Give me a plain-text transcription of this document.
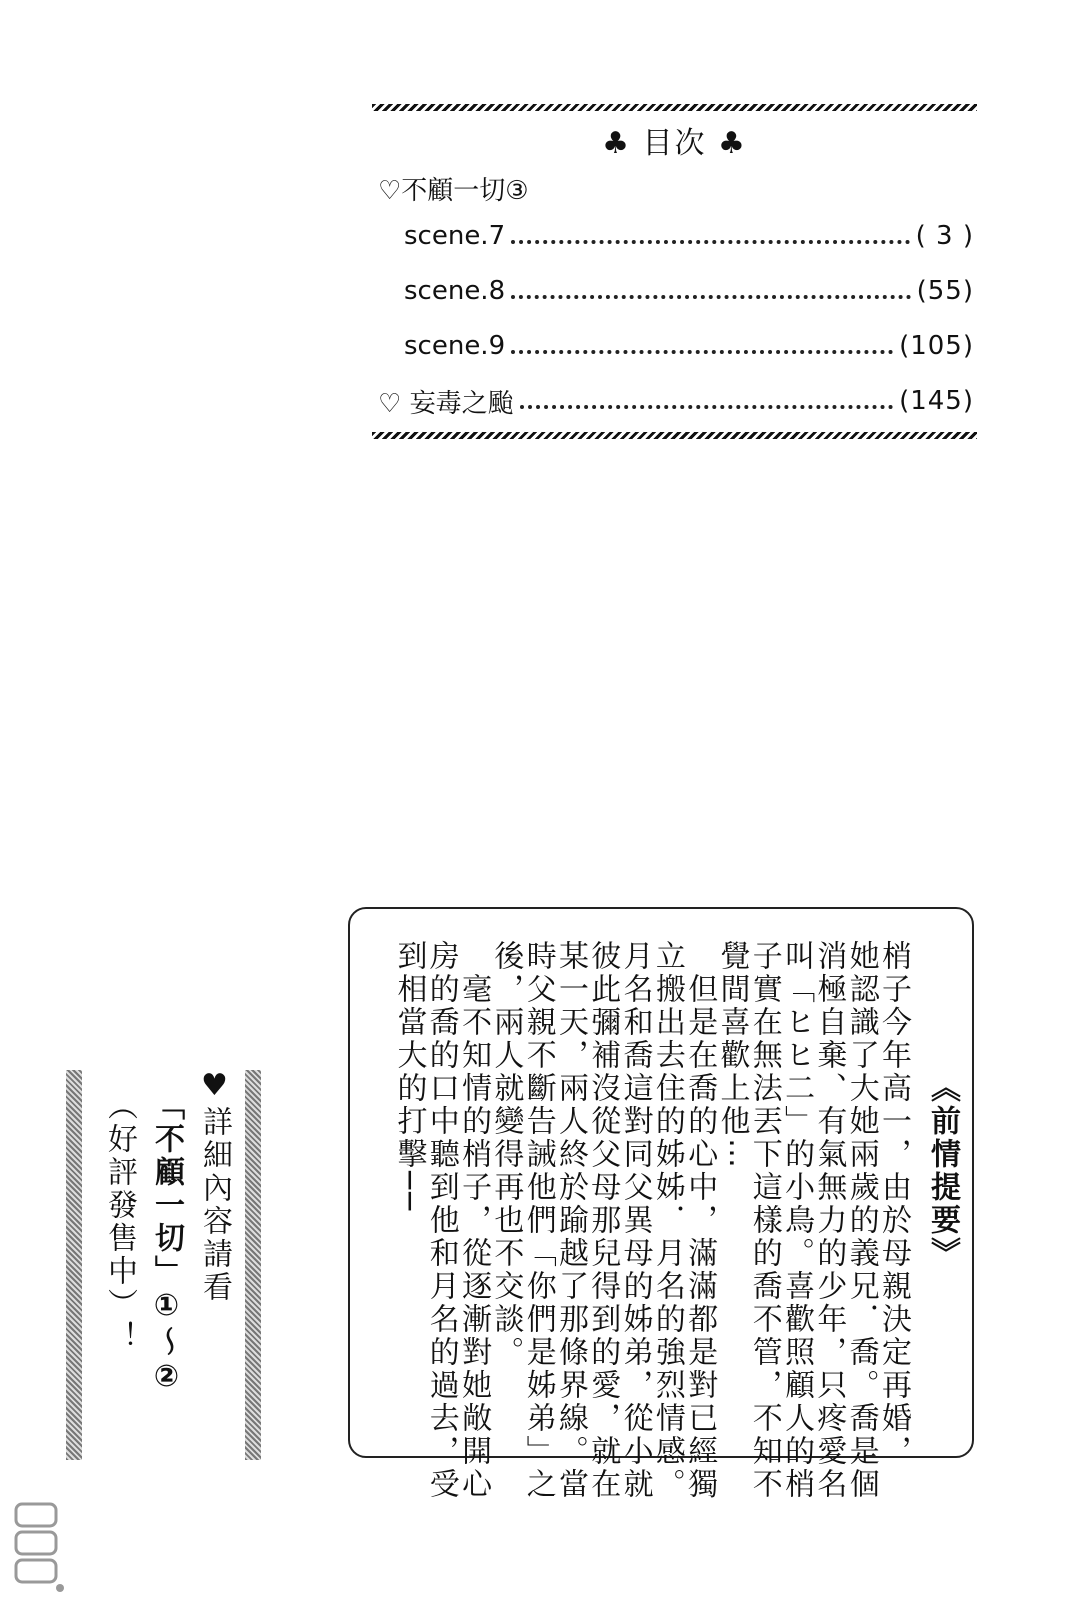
♣ 目次 ♣
♡不顧一切③
scene.7	( 3 )
scene.8	(55)
scene.9	(105)
♡ 妄毒之颱	(145)
《前情提要》
梢子今年高一，由於母親決定再婚，
她認識了大她兩歲的義兄．喬。喬是個
消極自棄、有氣無力的少年，只疼愛名
叫「ヒヒ二」的小鳥。喜歡照顧人的梢
子實在無法丟下這樣的喬不管，不知不
覺間喜歡上他⋯
　但是在喬的心中，滿滿都是對已經獨
立搬出去住的姊姊．月名的強烈情感。
月名和喬這對同父異母的姊弟，從小就
彼此彌補沒從父母那兒得到的愛，就在
某一天，兩人終於踰越了那條界線。當
時父親不斷告誡他們「你們是姊弟」之
後，兩人就變得再也不交談。
　毫不知情的梢子，從逐漸對她敞開心
房的喬的口中聽到他和月名的過去，受
到相當大的打擊──
♥詳細內容請看
「不顧一切」①～②
（好評發售中）！
